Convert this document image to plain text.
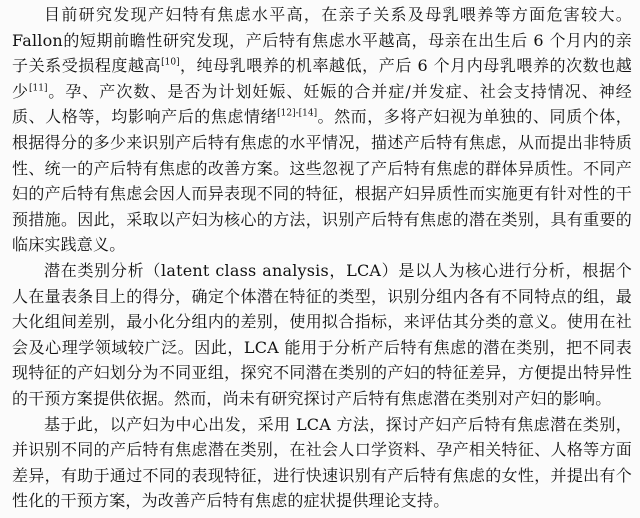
目前研究发现产妇特有焦虑水平高，在亲子关系及母乳喂养等方面危害较大。Fallon的短期前瞻性研究发现，产后特有焦虑水平越高，母亲在出生后 6 个月内的亲子关系受损程度越高[10]，纯母乳喂养的机率越低，产后 6 个月内母乳喂养的次数也越少[11]。孕、产次数、是否为计划妊娠、妊娠的合并症/并发症、社会支持情况、神经质、人格等，均影响产后的焦虑情绪[12]-[14]。然而，多将产妇视为单独的、同质个体，根据得分的多少来识别产后特有焦虑的水平情况，描述产后特有焦虑，从而提出非特质性、统一的产后特有焦虑的改善方案。这些忽视了产后特有焦虑的群体异质性。不同产妇的产后特有焦虑会因人而异表现不同的特征，根据产妇异质性而实施更有针对性的干预措施。因此，采取以产妇为核心的方法，识别产后特有焦虑的潜在类别，具有重要的临床实践意义。

潜在类别分析（latent class analysis，LCA）是以人为核心进行分析，根据个人在量表条目上的得分，确定个体潜在特征的类型，识别分组内各有不同特点的组，最大化组间差别，最小化分组内的差别，使用拟合指标，来评估其分类的意义。使用在社会及心理学领域较广泛。因此，LCA 能用于分析产后特有焦虑的潜在类别，把不同表现特征的产妇划分为不同亚组，探究不同潜在类别的产妇的特征差异，方便提出特异性的干预方案提供依据。然而，尚未有研究探讨产后特有焦虑潜在类别对产妇的影响。

基于此，以产妇为中心出发，采用 LCA 方法，探讨产妇产后特有焦虑潜在类别，并识别不同的产后特有焦虑潜在类别，在社会人口学资料、孕产相关特征、人格等方面差异，有助于通过不同的表现特征，进行快速识别有产后特有焦虑的女性，并提出有个性化的干预方案，为改善产后特有焦虑的症状提供理论支持。
